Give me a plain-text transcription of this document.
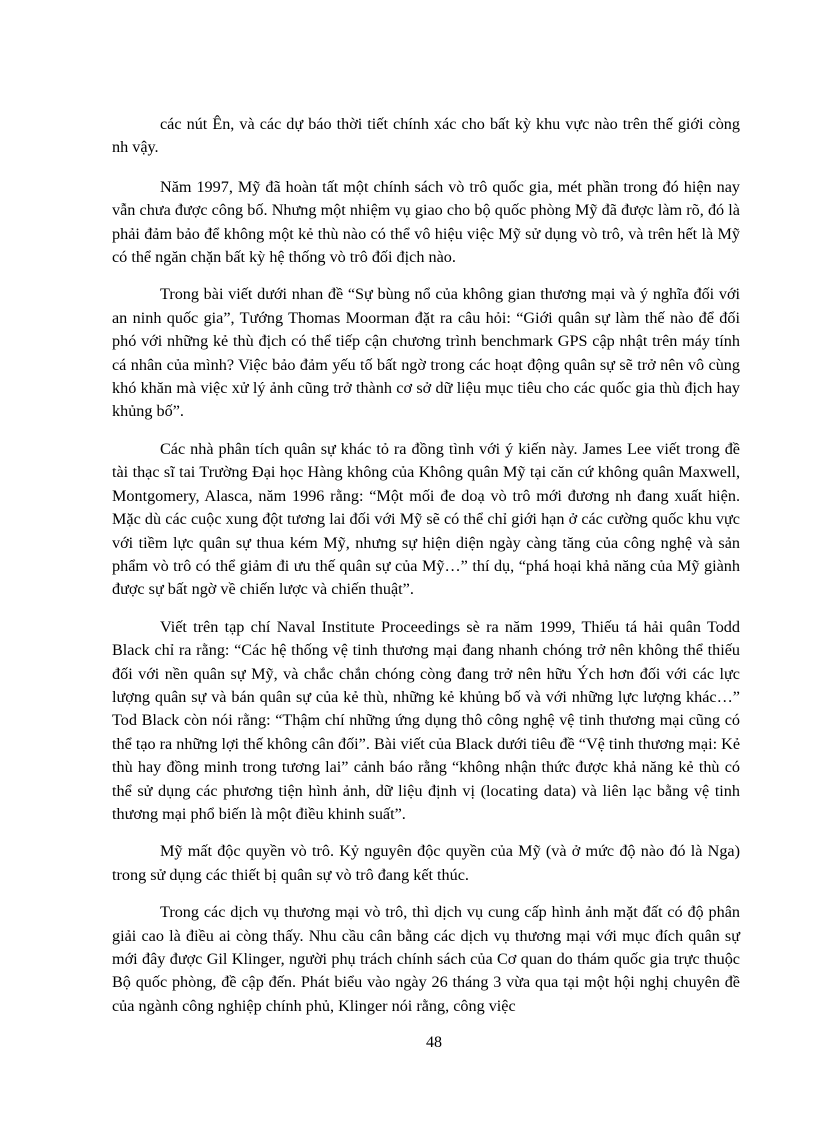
các nút Ên, và các dự báo thời tiết chính xác cho bất kỳ khu vực nào trên thế giới còng nh vậy.

Năm 1997, Mỹ đã hoàn tất một chính sách vò trô quốc gia, mét phần trong đó hiện nay vẫn chưa được công bố. Nhưng một nhiệm vụ giao cho bộ quốc phòng Mỹ đã được làm rõ, đó là phải đảm bảo để không một kẻ thù nào có thể vô hiệu việc Mỹ sử dụng vò trô, và trên hết là Mỹ có thể ngăn chặn bất kỳ hệ thống vò trô đối địch nào.

Trong bài viết dưới nhan đề “Sự bùng nổ của không gian thương mại và ý nghĩa đối với an ninh quốc gia”, Tướng Thomas Moorman đặt ra câu hỏi: “Giới quân sự làm thế nào để đối phó với những kẻ thù địch có thể tiếp cận chương trình benchmark GPS cập nhật trên máy tính cá nhân của mình? Việc bảo đảm yếu tố bất ngờ trong các hoạt động quân sự sẽ trở nên vô cùng khó khăn mà việc xử lý ảnh cũng trở thành cơ sở dữ liệu mục tiêu cho các quốc gia thù địch hay khủng bố”.

Các nhà phân tích quân sự khác tỏ ra đồng tình với ý kiến này. James Lee viết trong đề tài thạc sĩ tai Trường Đại học Hàng không của Không quân Mỹ tại căn cứ không quân Maxwell, Montgomery, Alasca, năm 1996 rằng: “Một mối đe doạ vò trô mới đương nh đang xuất hiện. Mặc dù các cuộc xung đột tương lai đối với Mỹ sẽ có thể chỉ giới hạn ở các cường quốc khu vực với tiềm lực quân sự thua kém Mỹ, nhưng sự hiện diện ngày càng tăng của công nghệ và sản phẩm vò trô có thể giảm đi ưu thế quân sự của Mỹ…” thí dụ, “phá hoại khả năng của Mỹ giành được sự bất ngờ về chiến lược và chiến thuật”.

Viết trên tạp chí Naval Institute Proceedings sè ra năm 1999, Thiếu tá hải quân Todd Black chỉ ra rằng: “Các hệ thống vệ tinh thương mại đang nhanh chóng trở nên không thể thiếu đối với nền quân sự Mỹ, và chắc chắn chóng còng đang trở nên hữu Ých hơn đối với các lực lượng quân sự và bán quân sự của kẻ thù, những kẻ khủng bố và với những lực lượng khác…” Tod Black còn nói rằng: “Thậm chí những ứng dụng thô công nghệ vệ tinh thương mại cũng có thể tạo ra những lợi thế không cân đối”. Bài viết của Black dưới tiêu đề “Vệ tinh thương mại: Kẻ thù hay đồng minh trong tương lai” cảnh báo rằng “không nhận thức được khả năng kẻ thù có thể sử dụng các phương tiện hình ảnh, dữ liệu định vị (locating data) và liên lạc bằng vệ tinh thương mại phổ biến là một điều khinh suất”.

Mỹ mất độc quyền vò trô. Kỷ nguyên độc quyền của Mỹ (và ở mức độ nào đó là Nga) trong sử dụng các thiết bị quân sự vò trô đang kết thúc.

Trong các dịch vụ thương mại vò trô, thì dịch vụ cung cấp hình ảnh mặt đất có độ phân giải cao là điều ai còng thấy. Nhu cầu cân bằng các dịch vụ thương mại với mục đích quân sự mới đây được Gil Klinger, người phụ trách chính sách của Cơ quan do thám quốc gia trực thuộc Bộ quốc phòng, đề cập đến. Phát biểu vào ngày 26 tháng 3 vừa qua tại một hội nghị chuyên đề của ngành công nghiệp chính phủ, Klinger nói rằng, công việc

48
